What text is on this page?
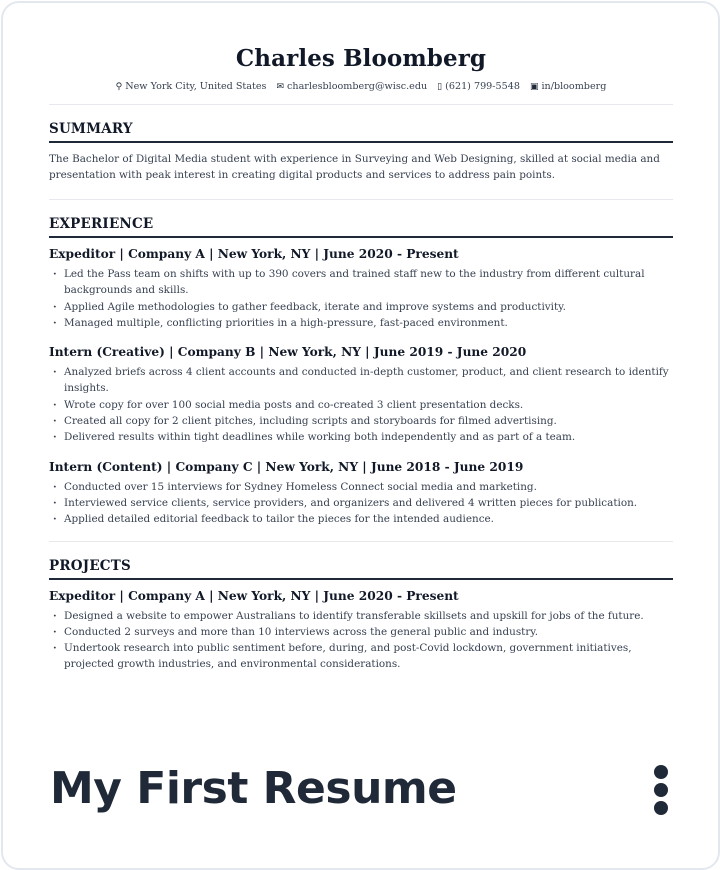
Charles Bloomberg
⚲ New York City, United States ✉ charlesbloomberg@wisc.edu ▯ (621) 799-5548 ▣ in/bloomberg
SUMMARY
The Bachelor of Digital Media student with experience in Surveying and Web Designing, skilled at social media and presentation with peak interest in creating digital products and services to address pain points.
EXPERIENCE
Expeditor | Company A | New York, NY | June 2020 - Present
· Led the Pass team on shifts with up to 390 covers and trained staff new to the industry from different cultural backgrounds and skills.
· Applied Agile methodologies to gather feedback, iterate and improve systems and productivity.
· Managed multiple, conflicting priorities in a high-pressure, fast-paced environment.
Intern (Creative) | Company B | New York, NY | June 2019 - June 2020
· Analyzed briefs across 4 client accounts and conducted in-depth customer, product, and client research to identify insights.
· Wrote copy for over 100 social media posts and co-created 3 client presentation decks.
· Created all copy for 2 client pitches, including scripts and storyboards for filmed advertising.
· Delivered results within tight deadlines while working both independently and as part of a team.
Intern (Content) | Company C | New York, NY | June 2018 - June 2019
· Conducted over 15 interviews for Sydney Homeless Connect social media and marketing.
· Interviewed service clients, service providers, and organizers and delivered 4 written pieces for publication.
· Applied detailed editorial feedback to tailor the pieces for the intended audience.
PROJECTS
Expeditor | Company A | New York, NY | June 2020 - Present
· Designed a website to empower Australians to identify transferable skillsets and upskill for jobs of the future.
· Conducted 2 surveys and more than 10 interviews across the general public and industry.
· Undertook research into public sentiment before, during, and post-Covid lockdown, government initiatives, projected growth industries, and environmental considerations.
My First Resume
